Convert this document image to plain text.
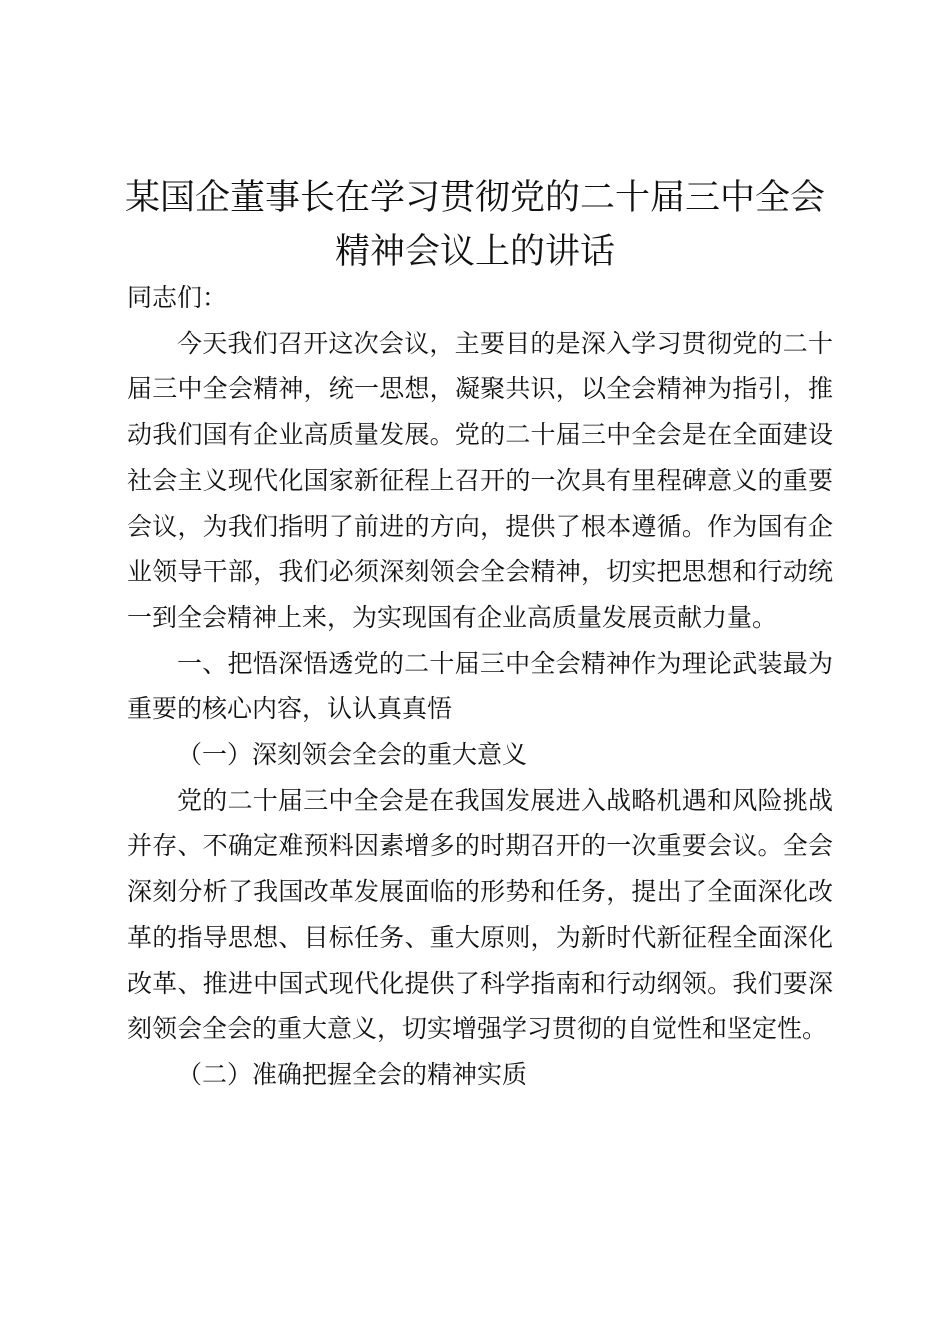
某国企董事长在学习贯彻党的二十届三中全会
精神会议上的讲话

同志们：

今天我们召开这次会议，主要目的是深入学习贯彻党的二十届三中全会精神，统一思想，凝聚共识，以全会精神为指引，推动我们国有企业高质量发展。党的二十届三中全会是在全面建设社会主义现代化国家新征程上召开的一次具有里程碑意义的重要会议，为我们指明了前进的方向，提供了根本遵循。作为国有企业领导干部，我们必须深刻领会全会精神，切实把思想和行动统一到全会精神上来，为实现国有企业高质量发展贡献力量。

一、把悟深悟透党的二十届三中全会精神作为理论武装最为重要的核心内容，认认真真悟

（一）深刻领会全会的重大意义

党的二十届三中全会是在我国发展进入战略机遇和风险挑战并存、不确定难预料因素增多的时期召开的一次重要会议。全会深刻分析了我国改革发展面临的形势和任务，提出了全面深化改革的指导思想、目标任务、重大原则，为新时代新征程全面深化改革、推进中国式现代化提供了科学指南和行动纲领。我们要深刻领会全会的重大意义，切实增强学习贯彻的自觉性和坚定性。

（二）准确把握全会的精神实质
